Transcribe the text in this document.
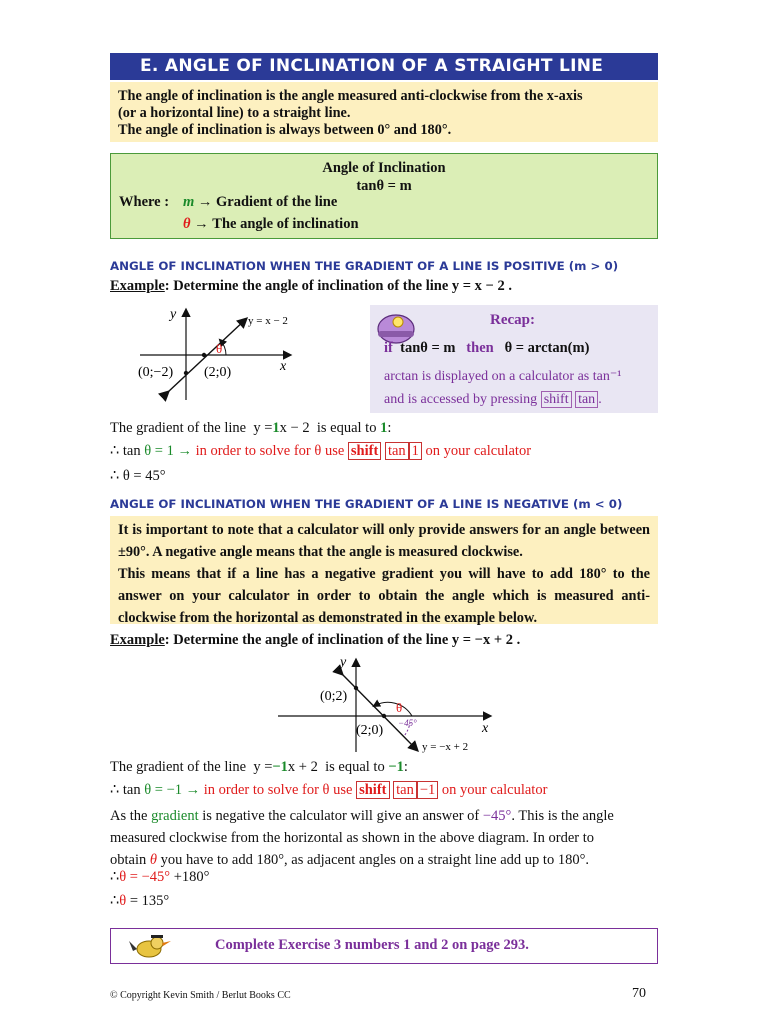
E. ANGLE OF INCLINATION OF A STRAIGHT LINE
The angle of inclination is the angle measured anti-clockwise from the x-axis
(or a horizontal line) to a straight line.
The angle of inclination is always between 0° and 180°.
Angle of Inclination
tanθ = m
Where : m → Gradient of the line
θ → The angle of inclination
ANGLE OF INCLINATION WHEN THE GRADIENT OF A LINE IS POSITIVE (m > 0)
Example: Determine the angle of inclination of the line y = x − 2 .
y
x
y = x − 2
θ
(0;−2) (2;0)
Recap:
if tanθ = m then θ = arctan(m)
arctan is displayed on a calculator as tan⁻¹
and is accessed by pressing shift tan .
The gradient of the line y =1x − 2 is equal to 1:
∴ tan θ = 1 → in order to solve for θ use shift tan 1 on your calculator
∴ θ = 45°
ANGLE OF INCLINATION WHEN THE GRADIENT OF A LINE IS NEGATIVE (m < 0)
It is important to note that a calculator will only provide answers for an angle between ±90°. A negative angle means that the angle is measured clockwise.
This means that if a line has a negative gradient you will have to add 180° to the answer on your calculator in order to obtain the angle which is measured anti-clockwise from the horizontal as demonstrated in the example below.
Example: Determine the angle of inclination of the line y = −x + 2 .
y
x
y = −x + 2
θ
−45°
(0;2)
(2;0)
The gradient of the line y =−1x + 2 is equal to −1:
∴ tan θ = −1 → in order to solve for θ use shift tan −1 on your calculator
As the gradient is negative the calculator will give an answer of −45°. This is the angle
measured clockwise from the horizontal as shown in the above diagram. In order to
obtain θ you have to add 180°, as adjacent angles on a straight line add up to 180°.
∴θ = −45° +180°
∴θ = 135°
Complete Exercise 3 numbers 1 and 2 on page 293.
© Copyright Kevin Smith / Berlut Books CC	70
